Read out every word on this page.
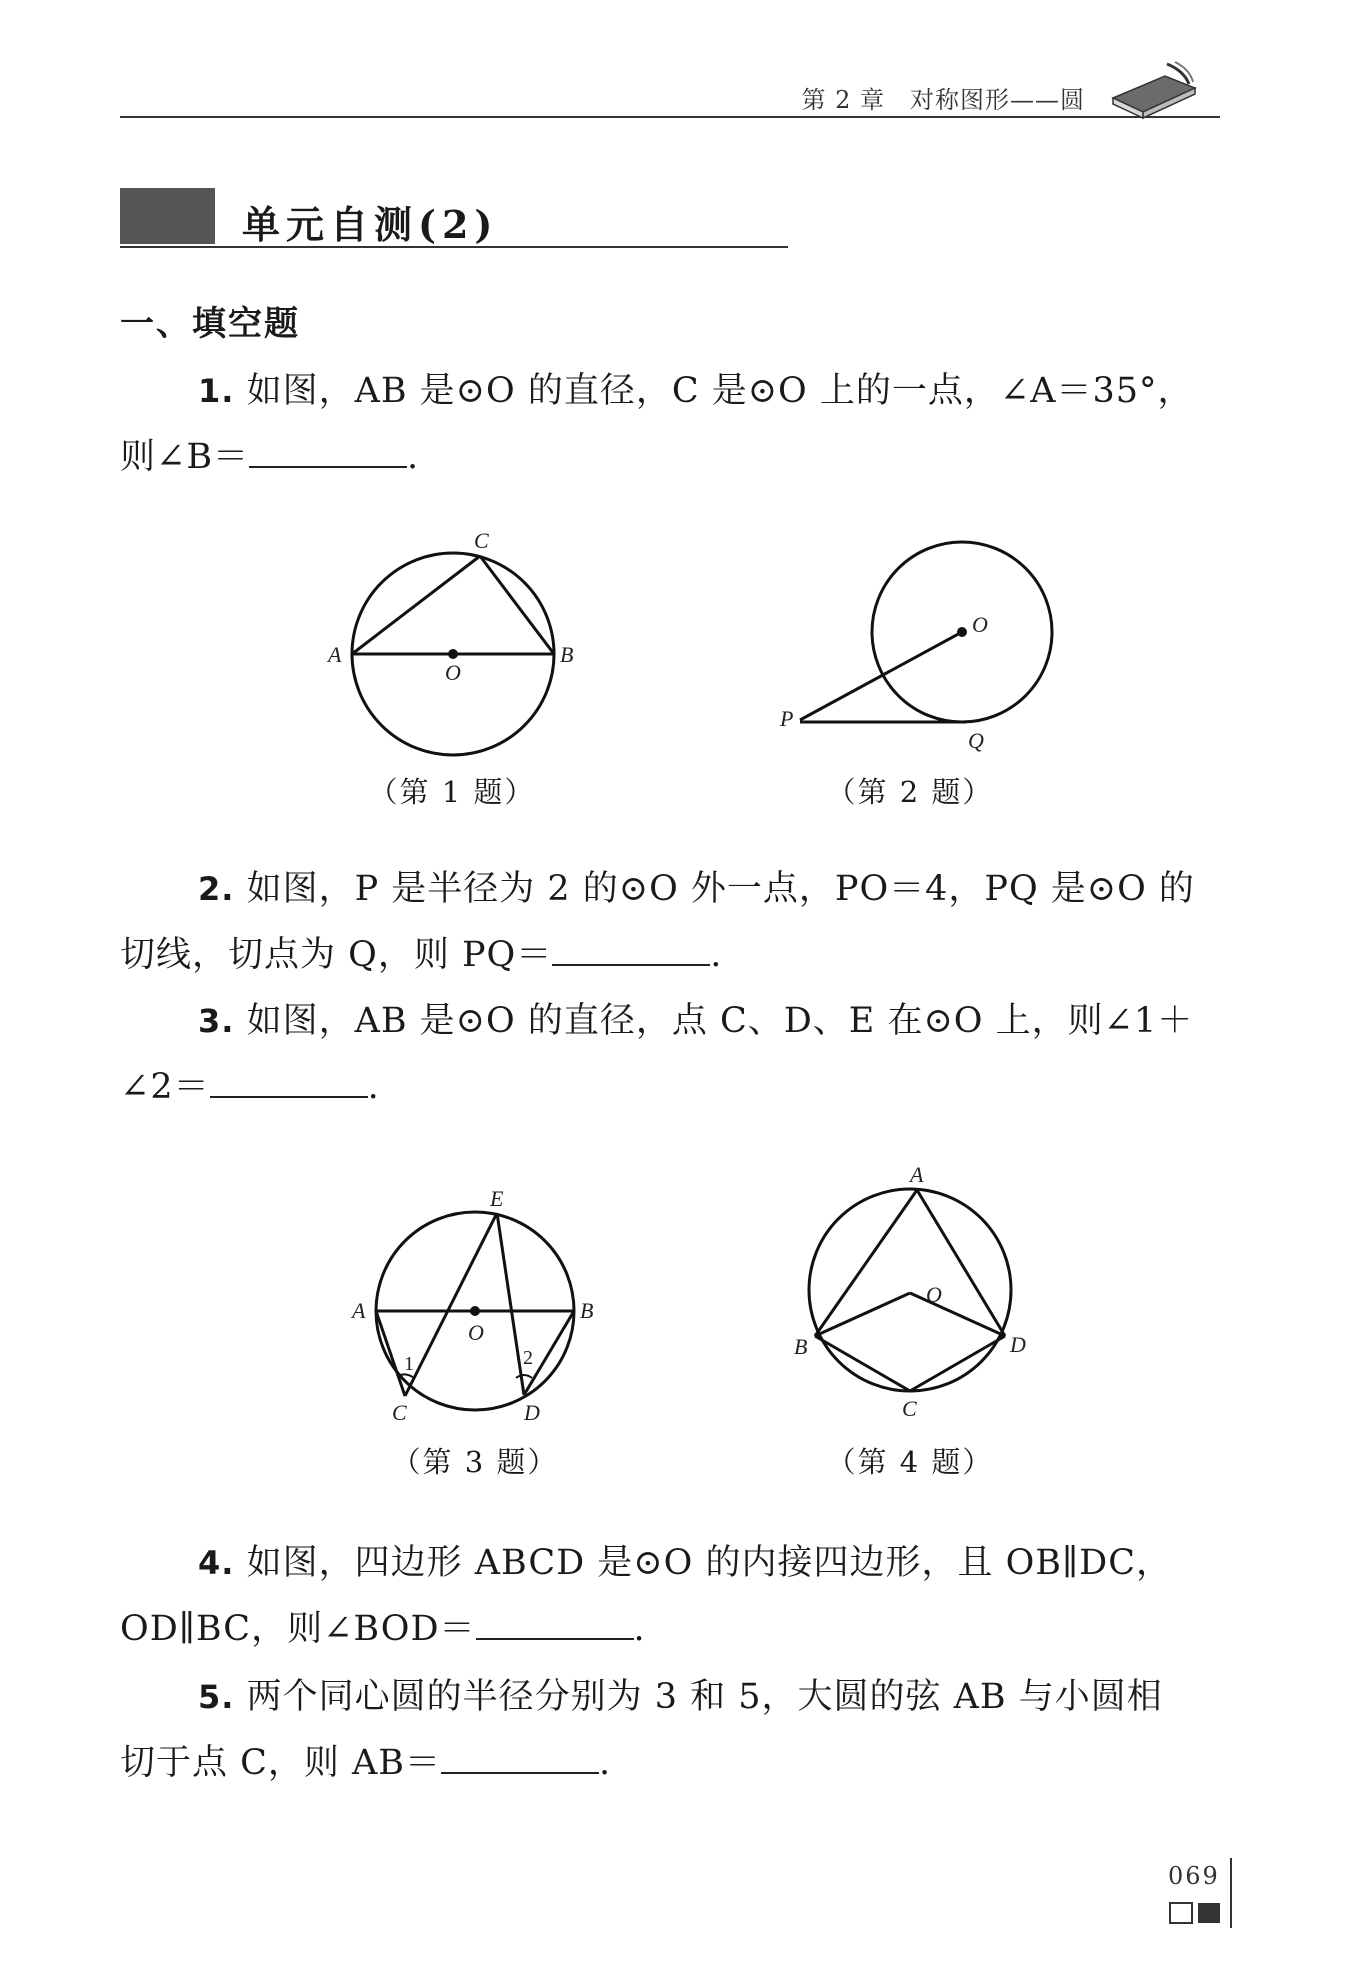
第 2 章　对称图形——圆
单元自测(2)
一、填空题
1. 如图，AB 是⊙O 的直径，C 是⊙O 上的一点，∠A＝35°，
则∠B＝	.
A	B
C
O
（第 1 题）
O
P
Q
（第 2 题）
2. 如图，P 是半径为 2 的⊙O 外一点，PO＝4，PQ 是⊙O 的
切线，切点为 Q，则 PQ＝	.
3. 如图，AB 是⊙O 的直径，点 C、D、E 在⊙O 上，则∠1＋
∠2＝	.
E
A	B
O
C	D
1	2
（第 3 题）
A
O
B	D
C
（第 4 题）
4. 如图，四边形 ABCD 是⊙O 的内接四边形，且 OB∥DC，
OD∥BC，则∠BOD＝	.
5. 两个同心圆的半径分别为 3 和 5，大圆的弦 AB 与小圆相
切于点 C，则 AB＝	.
069
